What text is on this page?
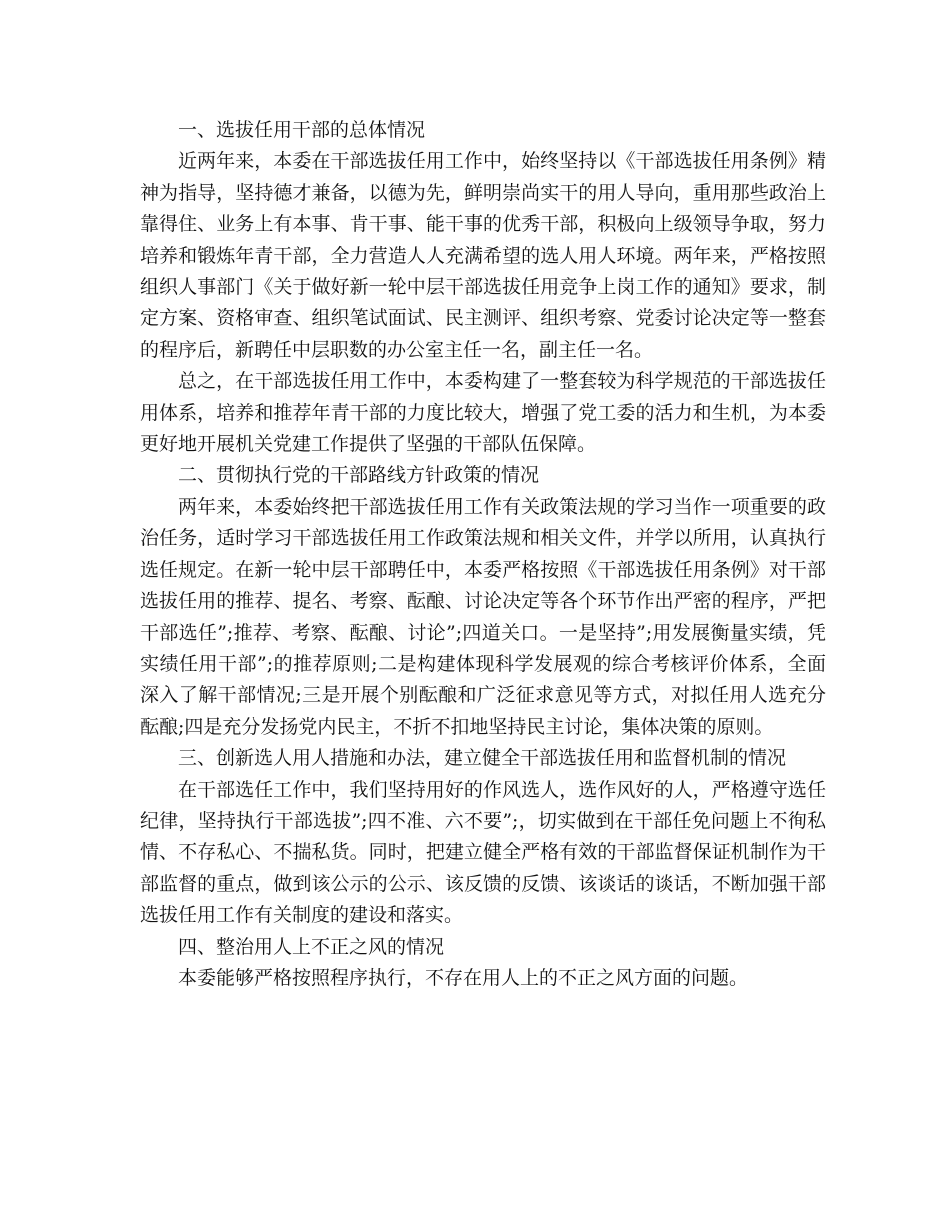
一、选拔任用干部的总体情况

近两年来，本委在干部选拔任用工作中，始终坚持以《干部选拔任用条例》精神为指导，坚持德才兼备，以德为先，鲜明崇尚实干的用人导向，重用那些政治上靠得住、业务上有本事、肯干事、能干事的优秀干部，积极向上级领导争取，努力培养和锻炼年青干部，全力营造人人充满希望的选人用人环境。两年来，严格按照组织人事部门《关于做好新一轮中层干部选拔任用竞争上岗工作的通知》要求，制定方案、资格审查、组织笔试面试、民主测评、组织考察、党委讨论决定等一整套的程序后，新聘任中层职数的办公室主任一名，副主任一名。

总之，在干部选拔任用工作中，本委构建了一整套较为科学规范的干部选拔任用体系，培养和推荐年青干部的力度比较大，增强了党工委的活力和生机，为本委更好地开展机关党建工作提供了坚强的干部队伍保障。

二、贯彻执行党的干部路线方针政策的情况

两年来，本委始终把干部选拔任用工作有关政策法规的学习当作一项重要的政治任务，适时学习干部选拔任用工作政策法规和相关文件，并学以所用，认真执行选任规定。在新一轮中层干部聘任中，本委严格按照《干部选拔任用条例》对干部选拔任用的推荐、提名、考察、酝酿、讨论决定等各个环节作出严密的程序，严把干部选任”;推荐、考察、酝酿、讨论”;四道关口。一是坚持”;用发展衡量实绩，凭实绩任用干部”;的推荐原则;二是构建体现科学发展观的综合考核评价体系，全面深入了解干部情况;三是开展个别酝酿和广泛征求意见等方式，对拟任用人选充分酝酿;四是充分发扬党内民主，不折不扣地坚持民主讨论，集体决策的原则。

三、创新选人用人措施和办法，建立健全干部选拔任用和监督机制的情况

在干部选任工作中，我们坚持用好的作风选人，选作风好的人，严格遵守选任纪律，坚持执行干部选拔”;四不准、六不要”;，切实做到在干部任免问题上不徇私情、不存私心、不揣私货。同时，把建立健全严格有效的干部监督保证机制作为干部监督的重点，做到该公示的公示、该反馈的反馈、该谈话的谈话，不断加强干部选拔任用工作有关制度的建设和落实。

四、整治用人上不正之风的情况

本委能够严格按照程序执行，不存在用人上的不正之风方面的问题。
